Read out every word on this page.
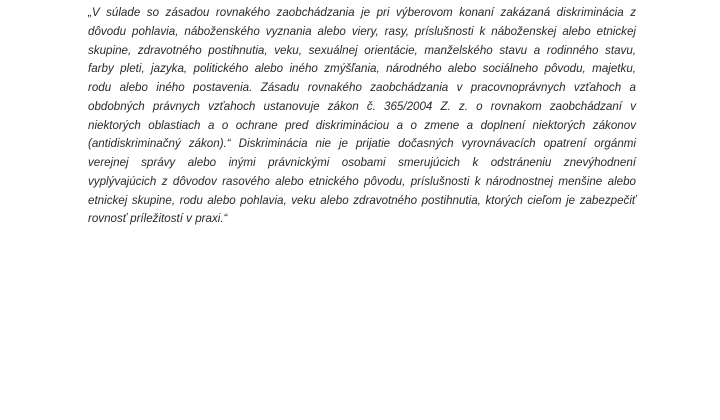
„V súlade so zásadou rovnakého zaobchádzania je pri výberovom konaní zakázaná diskriminácia z
dôvodu pohlavia, náboženského vyznania alebo viery, rasy, príslušnosti k náboženskej alebo etnickej
skupine, zdravotného postihnutia, veku, sexuálnej orientácie, manželského stavu a rodinného stavu,
farby pleti, jazyka, politického alebo iného zmýšľania, národného alebo sociálneho pôvodu, majetku,
rodu alebo iného postavenia. Zásadu rovnakého zaobchádzania v pracovnoprávnych vzťahoch a
obdobných právnych vzťahoch ustanovuje zákon č. 365/2004 Z. z. o rovnakom zaobchádzaní v
niektorých oblastiach a o ochrane pred diskrimináciou a o zmene a doplnení niektorých zákonov
(antidiskriminačný zákon).“ Diskriminácia nie je prijatie dočasných vyrovnávacích opatrení orgánmi
verejnej správy alebo inými právnickými osobami smerujúcich k odstráneniu znevýhodnení
vyplývajúcich z dôvodov rasového alebo etnického pôvodu, príslušnosti k národnostnej menšine alebo
etnickej skupine, rodu alebo pohlavia, veku alebo zdravotného postihnutia, ktorých cieľom je zabezpečiť
rovnosť príležitostí v praxi.“
